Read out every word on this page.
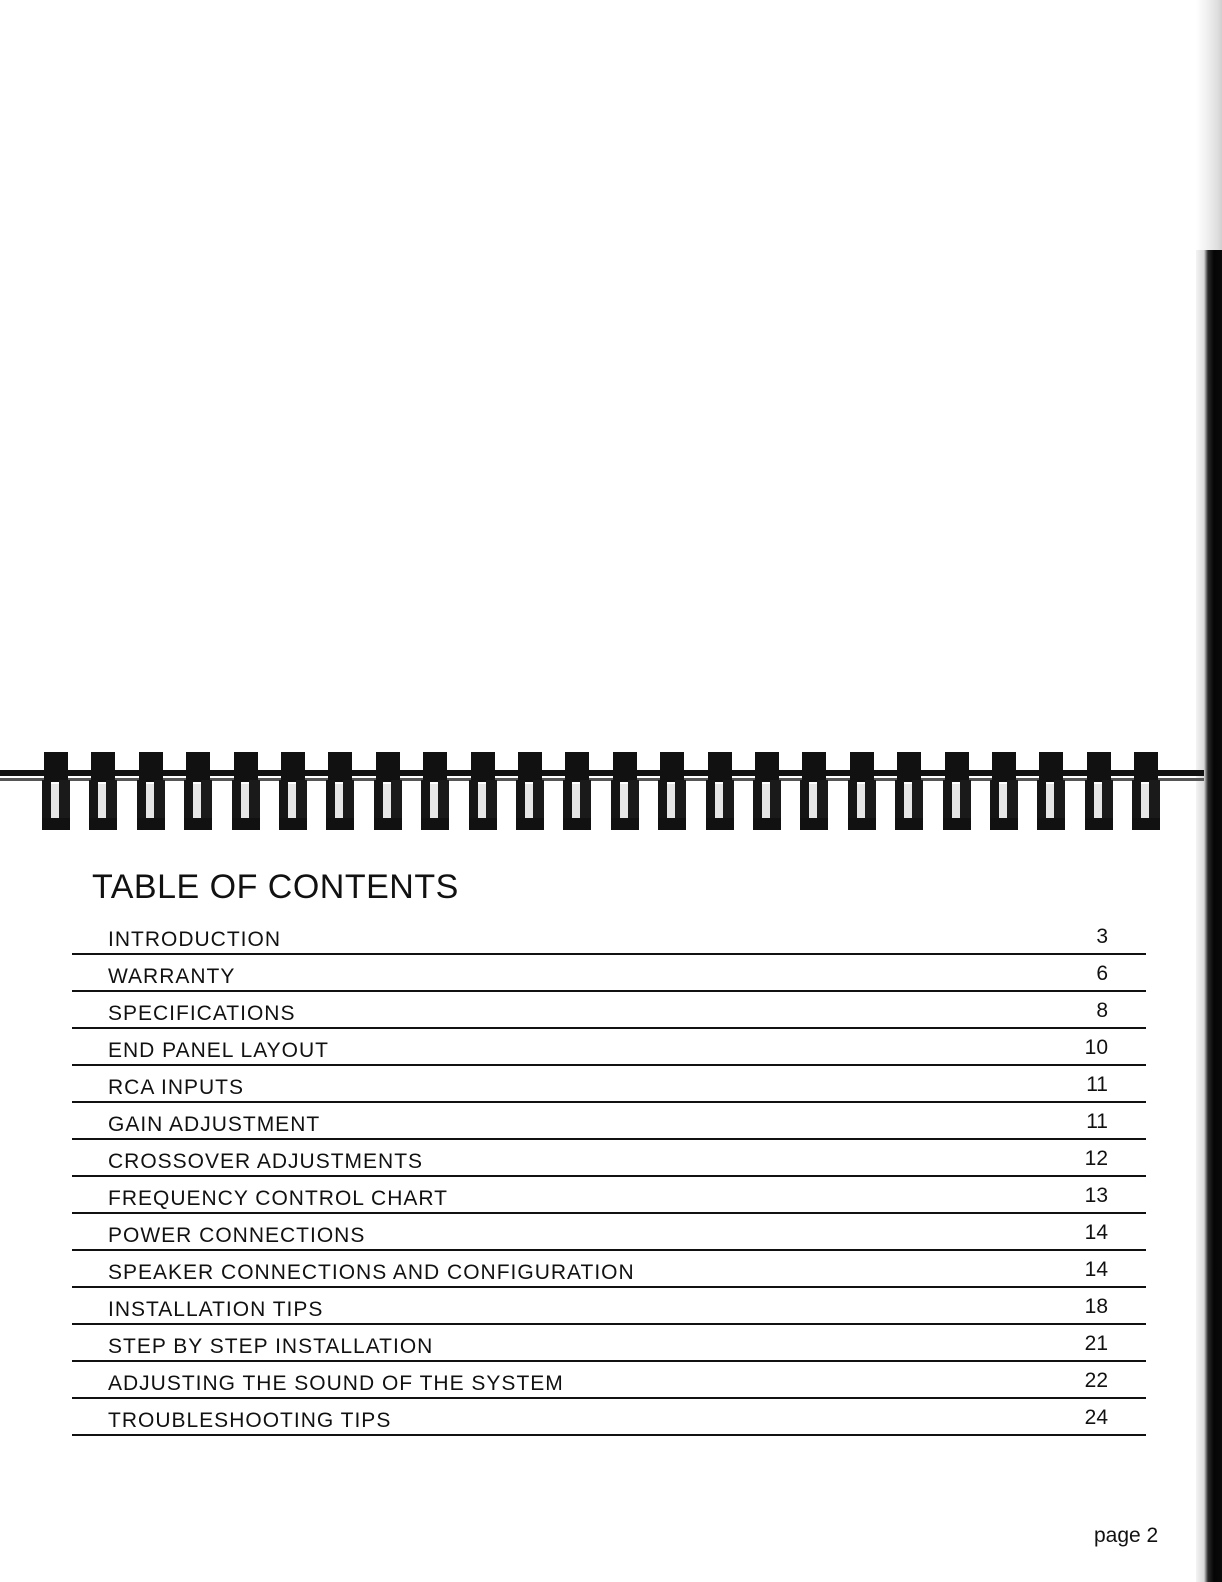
TABLE OF CONTENTS
INTRODUCTION	3
WARRANTY	6
SPECIFICATIONS	8
END PANEL LAYOUT	10
RCA INPUTS	11
GAIN ADJUSTMENT	11
CROSSOVER ADJUSTMENTS	12
FREQUENCY CONTROL CHART	13
POWER CONNECTIONS	14
SPEAKER CONNECTIONS AND CONFIGURATION	14
INSTALLATION TIPS	18
STEP BY STEP INSTALLATION	21
ADJUSTING THE SOUND OF THE SYSTEM	22
TROUBLESHOOTING TIPS	24
page 2
